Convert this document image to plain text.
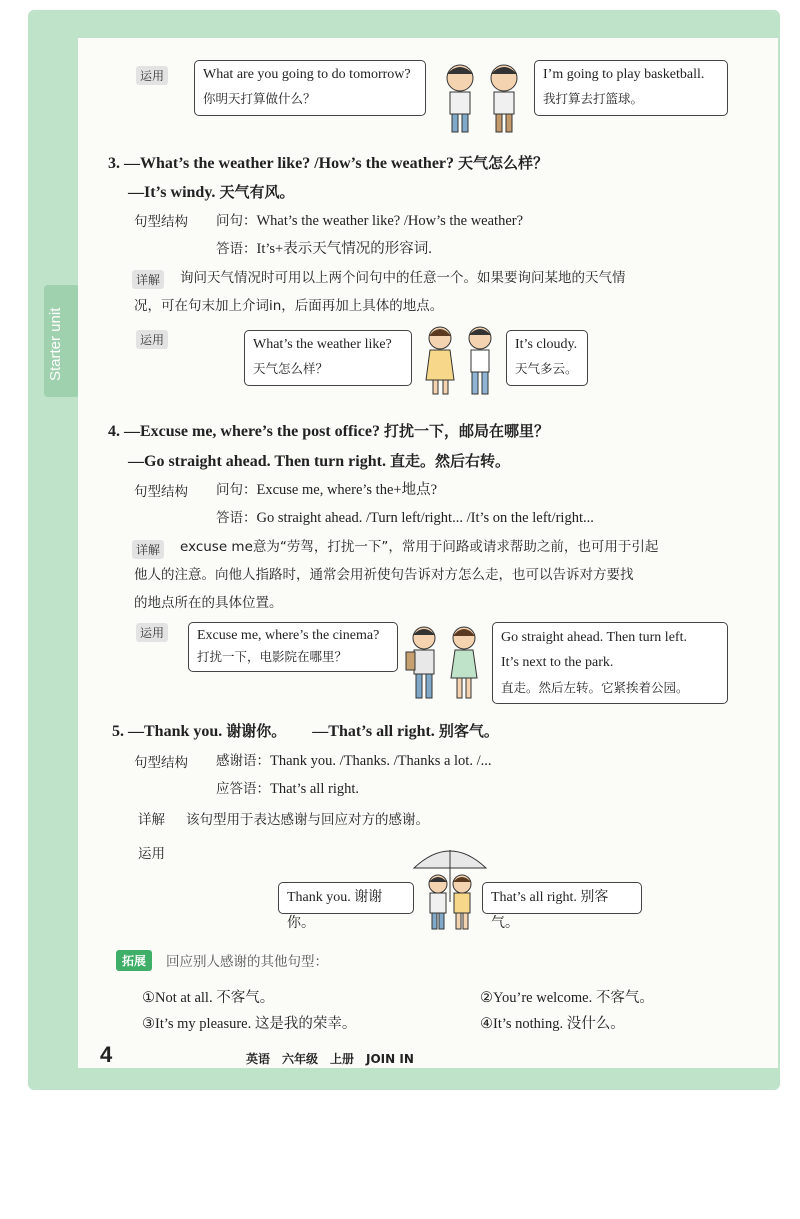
Starter unit
运用	What are you going to do tomorrow?
你明天打算做什么？
I’m going to play basketball.
我打算去打篮球。
3. —What’s the weather like? /How’s the weather? 天气怎么样？
—It’s windy. 天气有风。
句型结构 问句：What’s the weather like? /How’s the weather?
答语：It’s+表示天气情况的形容词.
详解 询问天气情况时可用以上两个问句中的任意一个。如果要询问某地的天气情
况，可在句末加上介词in，后面再加上具体的地点。
运用	What’s the weather like?
天气怎么样？
It’s cloudy.
天气多云。
4. —Excuse me, where’s the post office? 打扰一下，邮局在哪里？
—Go straight ahead. Then turn right. 直走。然后右转。
句型结构 问句：Excuse me, where’s the+地点?
答语：Go straight ahead. /Turn left/right... /It’s on the left/right...
详解 excuse me意为“劳驾，打扰一下”，常用于问路或请求帮助之前，也可用于引起
他人的注意。向他人指路时，通常会用祈使句告诉对方怎么走，也可以告诉对方要找
的地点所在的具体位置。
运用 Excuse me, where’s the cinema?
打扰一下，电影院在哪里？
Go straight ahead. Then turn left.
It’s next to the park.
直走。然后左转。它紧挨着公园。
5. —Thank you. 谢谢你。 —That’s all right. 别客气。
句型结构 感谢语：Thank you. /Thanks. /Thanks a lot. /...
应答语：That’s all right.
详解 该句型用于表达感谢与回应对方的感谢。
运用
Thank you. 谢谢你。
That’s all right. 别客气。
拓展	回应别人感谢的其他句型：
①Not at all. 不客气。	②You’re welcome. 不客气。
③It’s my pleasure. 这是我的荣幸。	④It’s nothing. 没什么。
4	英语　六年级　上册　JOIN IN
